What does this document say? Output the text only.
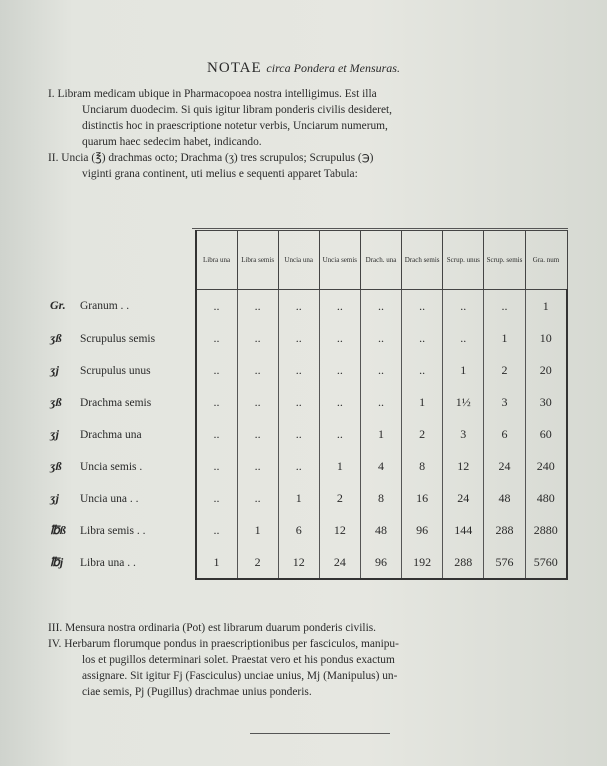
NOTAE circa Pondera et Mensuras.
I. Libram medicam ubique in Pharmacopoea nostra intelligimus. Est illa
Unciarum duodecim. Si quis igitur libram ponderis civilis desideret,
distinctis hoc in praescriptione notetur verbis, Unciarum numerum,
quarum haec sedecim habet, indicando.
II. Uncia (℥) drachmas octo; Drachma (ʒ) tres scrupulos; Scrupulus (℈)
viginti grana continent, uti melius e sequenti apparet Tabula:
	Libra una	Libra semis	Uncia una	Uncia semis	Drach. una	Drach semis	Scrup. unus	Scrup. semis	Gra. num
Gr. Granum . .	..	..	..	..	..	..	..	..	1
ʒß Scrupulus semis	..	..	..	..	..	..	..	1	10
ʒj Scrupulus unus	..	..	..	..	..	..	1	2	20
ʒß Drachma semis	..	..	..	..	..	1	1½	3	30
ʒj Drachma una	..	..	..	..	1	2	3	6	60
ʒß Uncia semis .	..	..	..	1	4	8	12	24	240
ʒj Uncia una . .	..	..	1	2	8	16	24	48	480
℔ß Libra semis . .	..	1	6	12	48	96	144	288	2880
℔j Libra una . .	1	2	12	24	96	192	288	576	5760
III. Mensura nostra ordinaria (Pot) est librarum duarum ponderis civilis.
IV. Herbarum florumque pondus in praescriptionibus per fasciculos, manipu-
los et pugillos determinari solet. Praestat vero et his pondus exactum
assignare. Sit igitur Fj (Fasciculus) unciae unius, Mj (Manipulus) un-
ciae semis, Pj (Pugillus) drachmae unius ponderis.
